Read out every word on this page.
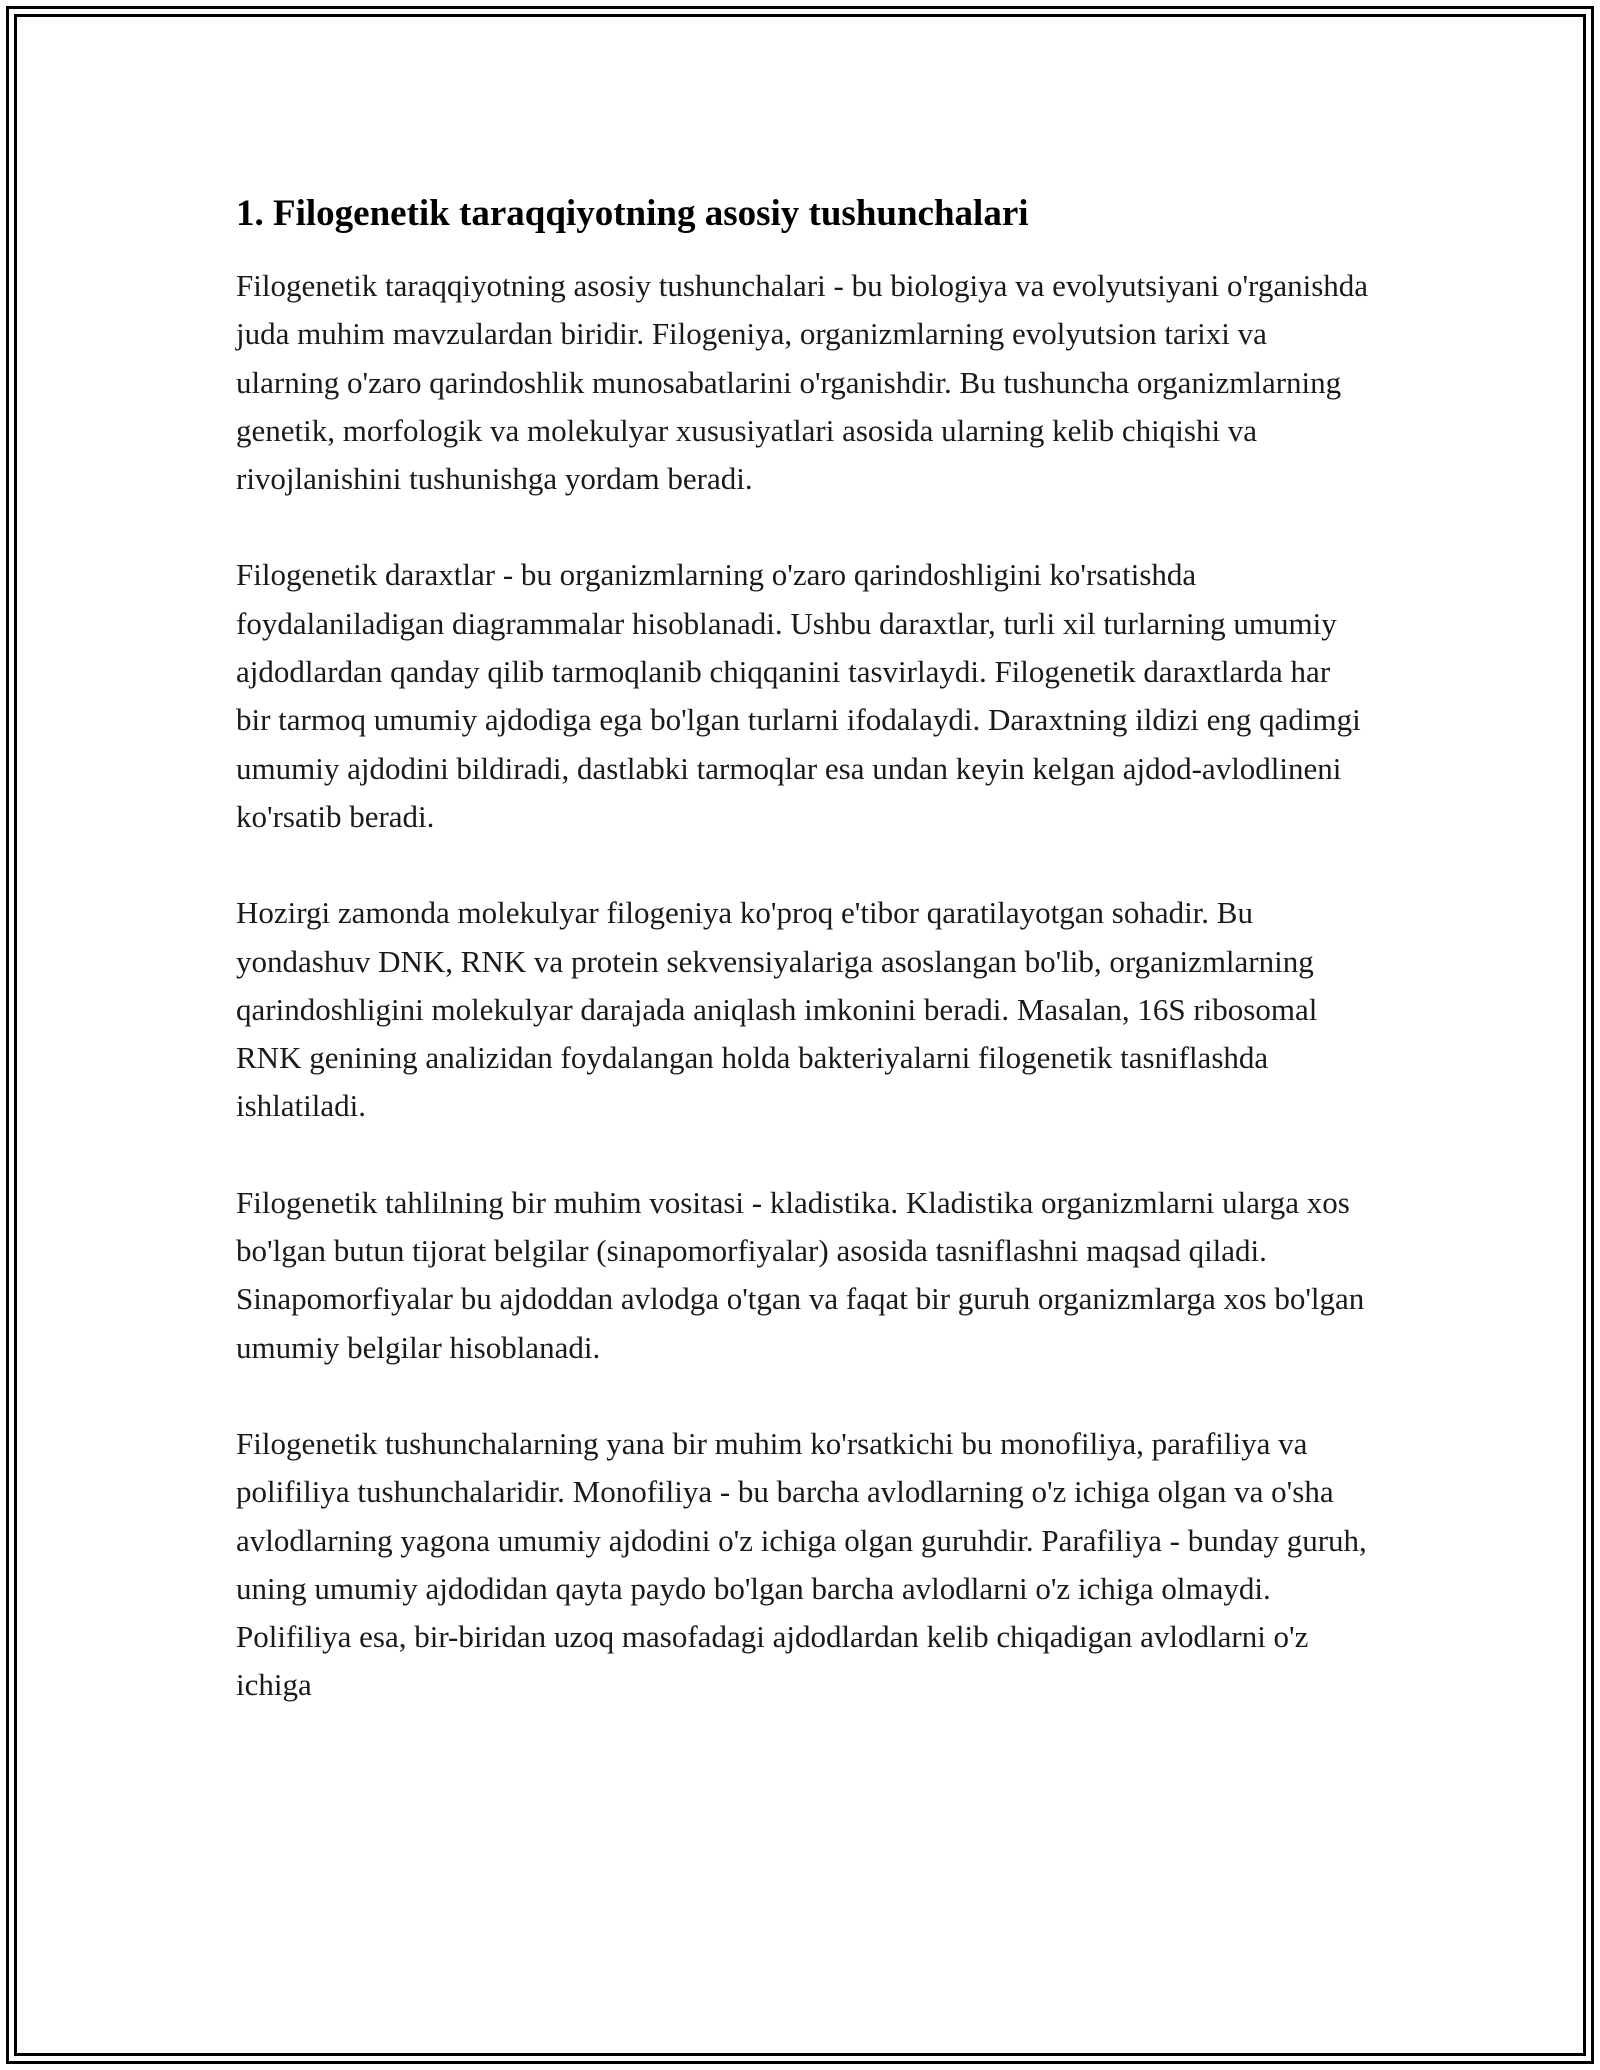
1. Filogenetik taraqqiyotning asosiy tushunchalari

Filogenetik taraqqiyotning asosiy tushunchalari - bu biologiya va evolyutsiyani o'rganishda juda muhim mavzulardan biridir. Filogeniya, organizmlarning evolyutsion tarixi va ularning o'zaro qarindoshlik munosabatlarini o'rganishdir. Bu tushuncha organizmlarning genetik, morfologik va molekulyar xususiyatlari asosida ularning kelib chiqishi va rivojlanishini tushunishga yordam beradi.

Filogenetik daraxtlar - bu organizmlarning o'zaro qarindoshligini ko'rsatishda foydalaniladigan diagrammalar hisoblanadi. Ushbu daraxtlar, turli xil turlarning umumiy ajdodlardan qanday qilib tarmoqlanib chiqqanini tasvirlaydi. Filogenetik daraxtlarda har bir tarmoq umumiy ajdodiga ega bo'lgan turlarni ifodalaydi. Daraxtning ildizi eng qadimgi umumiy ajdodini bildiradi, dastlabki tarmoqlar esa undan keyin kelgan ajdod-avlodlineni ko'rsatib beradi.

Hozirgi zamonda molekulyar filogeniya ko'proq e'tibor qaratilayotgan sohadir. Bu yondashuv DNK, RNK va protein sekvensiyalariga asoslangan bo'lib, organizmlarning qarindoshligini molekulyar darajada aniqlash imkonini beradi. Masalan, 16S ribosomal RNK genining analizidan foydalangan holda bakteriyalarni filogenetik tasniflashda ishlatiladi.

Filogenetik tahlilning bir muhim vositasi - kladistika. Kladistika organizmlarni ularga xos bo'lgan butun tijorat belgilar (sinapomorfiyalar) asosida tasniflashni maqsad qiladi. Sinapomorfiyalar bu ajdoddan avlodga o'tgan va faqat bir guruh organizmlarga xos bo'lgan umumiy belgilar hisoblanadi.

Filogenetik tushunchalarning yana bir muhim ko'rsatkichi bu monofiliya, parafiliya va polifiliya tushunchalaridir. Monofiliya - bu barcha avlodlarning o'z ichiga olgan va o'sha avlodlarning yagona umumiy ajdodini o'z ichiga olgan guruhdir. Parafiliya - bunday guruh, uning umumiy ajdodidan qayta paydo bo'lgan barcha avlodlarni o'z ichiga olmaydi. Polifiliya esa, bir-biridan uzoq masofadagi ajdodlardan kelib chiqadigan avlodlarni o'z ichiga
